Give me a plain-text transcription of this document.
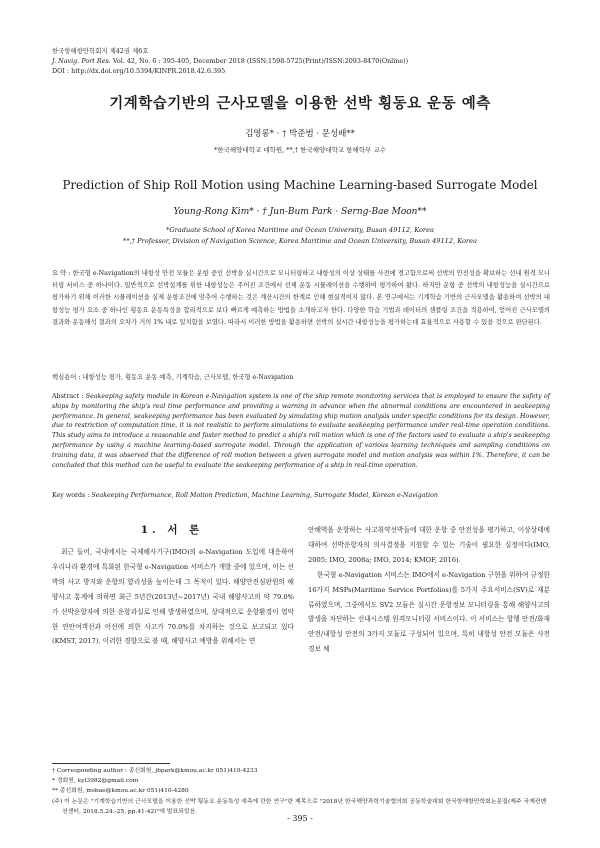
한국항해항만학회지 제42권 제6호
J. Navig. Port Res. Vol. 42, No. 6 : 395-405, December 2018 (ISSN:1598-5725(Print)/ISSN:2093-8470(Online))
DOI : http://dx.doi.org/10.5394/KINPR.2018.42.6.395
기계학습기반의 근사모델을 이용한 선박 횡동요 운동 예측
김영롱* · † 박준범 · 문성배**
*한국해양대학교 대학원, **,† 한국해양대학교 항해학부 교수
Prediction of Ship Roll Motion using Machine Learning-based Surrogate Model
Young-Rong Kim* · † Jun-Bum Park · Serng-Bae Moon**
*Graduate School of Korea Maritime and Ocean University, Busan 49112, Korea
**,† Professor, Division of Navigation Science, Korea Maritime and Ocean University, Busan 49112, Korea
요 약 : 한국형 e-Navigation의 내항성 안전 모듈은 운항 중인 선박을 실시간으로 모니터링하고 내항성의 이상 상태를 사전에 경고함으로써 선박의 안전성을 확보하는 선내 원격 모니터링 서비스 중 하나이다. 일반적으로 선박설계를 위한 내항성능은 주어진 조건에서 선체 운동 시뮬레이션을 수행하여 평가하여 왔다. 하지만 운항 중 선박의 내항성능을 실시간으로 평가하기 위해 이러한 시뮬레이션을 실제 운항조건에 맞추어 수행하는 것은 계산시간의 한계로 인해 현실적이지 않다. 본 연구에서는 기계학습 기반의 근사모델을 활용하여 선박의 내항성능 평가 요소 중 하나인 횡동요 운동특성을 합리적으로 보다 빠르게 예측하는 방법을 소개하고자 한다. 다양한 학습 기법과 데이터의 샘플링 조건을 적용하여, 얻어진 근사모델의 결과와 운동해석 결과의 오차가 거의 1% 내로 일치함을 보였다. 따라서 이러한 방법을 활용하면 선박의 실시간 내항성능을 평가하는데 효율적으로 사용할 수 있을 것으로 판단된다.
핵심용어 : 내항성능 평가, 횡동요 운동 예측, 기계학습, 근사모델, 한국형 e-Navigation
Abstract : Seakeeping safety module in Korean e-Navigation system is one of the ship remote monitoring services that is employed to ensure the safety of ships by monitoring the ship's real time performance and providing a warning in advance when the abnormal conditions are encountered in seakeeping performance. In general, seakeeping performance has been evaluated by simulating ship motion analysis under specific conditions for its design. However, due to restriction of computation time, it is not realistic to perform simulations to evaluate seakeeping performance under real-time operation conditions. This study aims to introduce a reasonable and faster method to predict a ship's roll motion which is one of the factors used to evaluate a ship's seakeeping performance by using a machine learning-based surrogate model. Through the application of various learning techniques and sampling conditions on training data, it was observed that the difference of roll motion between a given surrogate model and motion analysis was within 1%. Therefore, it can be concluded that this method can be useful to evaluate the seakeeping performance of a ship in real-time operation.
Key words : Seakeeping Performance, Roll Motion Prediction, Machine Learning, Surrogate Model, Korean e-Navigation
1. 서 론

최근 들어, 국내에서는 국제해사기구(IMO)의 e-Navigation 도입에 대응하여 우리나라 환경에 특화된 한국형 e-Navigation 서비스가 개발 중에 있으며, 이는 선박의 사고 방지와 운항의 합리성을 높이는데 그 목적이 있다. 해양안전심판원의 해양사고 통계에 의하면 최근 5년간(2013년~2017년) 국내 해양사고의 약 79.0%가 선박운항자에 의한 운항과실로 인해 발생하였으며, 상대적으로 운항환경이 열악한 연안여객선과 어선에 의한 사고가 70.0%를 차지하는 것으로 보고되고 있다(KMST, 2017). 이러한 경향으로 볼 때, 해양사고 예방을 위해서는 연

안해역을 운항하는 사고취약선박들에 대한 운항 중 안전성을 평가하고, 이상상태에 대하여 선박운항자의 의사결정을 지원할 수 있는 기술이 필요한 실정이다(IMO, 2005; IMO, 2008a; IMO, 2014; KMOF, 2016).

한국형 e-Navigation 서비스는 IMO에서 e-Navigation 구현을 위하여 규정한 16가지 MSPs(Maritime Service Portfolios)를 5가지 주요서비스(SV)로 재분류하였으며, 그중에서도 SV2 모듈은 실시간 운항정보 모니터링을 통해 해양사고의 발생을 차단하는 선내시스템 원격모니터링 서비스이다. 이 서비스는 항행 안전/화재 안전/내항성 안전의 3가지 모듈로 구성되어 있으며, 특히 내항성 안전 모듈은 사전 경보 체

† Corresponding author : 종신회원, jbpark@kmou.ac.kr 051)410-4233
* 정회원, kyl3982@gmail.com
** 종신회원, msbae@kmou.ac.kr 051)410-4280
(주) 이 논문은 "기계학습기반의 근사모델을 이용한 선박 횡동요 운동특성 예측에 관한 연구"란 제목으로 "2018년 한국해양과학기술협의회 공동학술대회 한국항해항만학회논문집(제주 국제컨벤션센터, 2018.5.24.-25, pp.41-42)"에 발표되었음.
- 395 -
